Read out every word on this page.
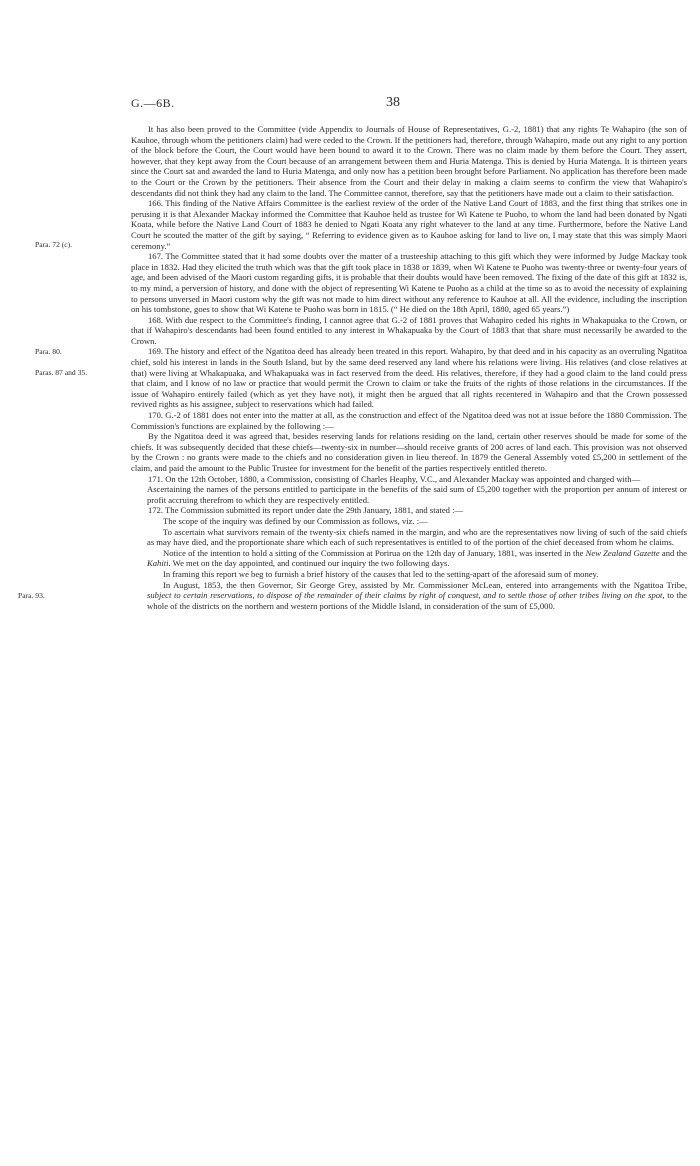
G.—6B.	38

It has also been proved to the Committee (vide Appendix to Journals of House of Representatives, G.-2, 1881) that any rights Te Wahapiro (the son of Kauhoe, through whom the petitioners claim) had were ceded to the Crown. If the petitioners had, therefore, through Wahapiro, made out any right to any portion of the block before the Court, the Court would have been bound to award it to the Crown. There was no claim made by them before the Court. They assert, however, that they kept away from the Court because of an arrangement between them and Huria Matenga. This is denied by Huria Matenga. It is thirteen years since the Court sat and awarded the land to Huria Matenga, and only now has a petition been brought before Parliament. No application has therefore been made to the Court or the Crown by the petitioners. Their absence from the Court and their delay in making a claim seems to confirm the view that Wahapiro's descendants did not think they had any claim to the land. The Committee cannot, therefore, say that the petitioners have made out a claim to their satisfaction.

166. This finding of the Native Affairs Committee is the earliest review of the order of the Native Land Court of 1883, and the first thing that strikes one in perusing it is that Alexander Mackay informed the Committee that Kauhoe held as trustee for Wi Katene te Puoho, to whom the land had been donated by Ngati Koata, while before the Native Land Court of 1883 he denied to Ngati Koata any right whatever to the land at any time. Furthermore, before the Native Land Court he scouted the matter of the gift by saying, “ Referring to evidence given as to Kauhoe asking for land to live on, I may state that this was simply Maori ceremony.”
Para. 72 (c).

167. The Committee stated that it had some doubts over the matter of a trusteeship attaching to this gift which they were informed by Judge Mackay took place in 1832. Had they elicited the truth which was that the gift took place in 1838 or 1839, when Wi Katene te Puoho was twenty-three or twenty-four years of age, and been advised of the Maori custom regarding gifts, it is probable that their doubts would have been removed. The fixing of the date of this gift at 1832 is, to my mind, a perversion of history, and done with the object of representing Wi Katene te Puoho as a child at the time so as to avoid the necessity of explaining to persons unversed in Maori custom why the gift was not made to him direct without any reference to Kauhoe at all. All the evidence, including the inscription on his tombstone, goes to show that Wi Katene te Puoho was born in 1815. (“ He died on the 18th April, 1880, aged 65 years.”)

168. With due respect to the Committee's finding, I cannot agree that G.-2 of 1881 proves that Wahapiro ceded his rights in Whakapuaka to the Crown, or that if Wahapiro's descendants had been found entitled to any interest in Whakapuaka by the Court of 1883 that that share must necessarily be awarded to the Crown.

Para. 80.
Paras. 87 and 35.
169. The history and effect of the Ngatitoa deed has already been treated in this report. Wahapiro, by that deed and in his capacity as an overruling Ngatitoa chief, sold his interest in lands in the South Island, but by the same deed reserved any land where his relations were living. His relatives (and close relatives at that) were living at Whakapuaka, and Whakapuaka was in fact reserved from the deed. His relatives, therefore, if they had a good claim to the land could press that claim, and I know of no law or practice that would permit the Crown to claim or take the fruits of the rights of those relations in the circumstances. If the issue of Wahapiro entirely failed (which as yet they have not), it might then be argued that all rights recentered in Wahapiro and that the Crown possessed revived rights as his assignee, subject to reservations which had failed.

170. G.-2 of 1881 does not enter into the matter at all, as the construction and effect of the Ngatitoa deed was not at issue before the 1880 Commission. The Commission's functions are explained by the following :—

By the Ngatitoa deed it was agreed that, besides reserving lands for relations residing on the land, certain other reserves should be made for some of the chiefs. It was subsequently decided that these chiefs—twenty-six in number—should receive grants of 200 acres of land each. This provision was not observed by the Crown : no grants were made to the chiefs and no consideration given in lieu thereof. In 1879 the General Assembly voted £5,200 in settlement of the claim, and paid the amount to the Public Trustee for investment for the benefit of the parties respectively entitled thereto.

171. On the 12th October, 1880, a Commission, consisting of Charles Heaphy, V.C., and Alexander Mackay was appointed and charged with—

Ascertaining the names of the persons entitled to participate in the benefits of the said sum of £5,200 together with the proportion per annum of interest or profit accruing therefrom to which they are respectively entitled.

172. The Commission submitted its report under date the 29th January, 1881, and stated :—

The scope of the inquiry was defined by our Commission as follows, viz. :—

To ascertain what survivors remain of the twenty-six chiefs named in the margin, and who are the representatives now living of such of the said chiefs as may have died, and the proportionate share which each of such representatives is entitled to of the portion of the chief deceased from whom he claims.

Notice of the intention to hold a sitting of the Commission at Porirua on the 12th day of January, 1881, was inserted in the New Zealand Gazette and the Kahiti. We met on the day appointed, and continued our inquiry the two following days.

In framing this report we beg to furnish a brief history of the causes that led to the setting-apart of the aforesaid sum of money.

Para. 93.
In August, 1853, the then Governor, Sir George Grey, assisted by Mr. Commissioner McLean, entered into arrangements with the Ngatitoa Tribe, subject to certain reservations, to dispose of the remainder of their claims by right of conquest, and to settle those of other tribes living on the spot, to the whole of the districts on the northern and western portions of the Middle Island, in consideration of the sum of £5,000.
